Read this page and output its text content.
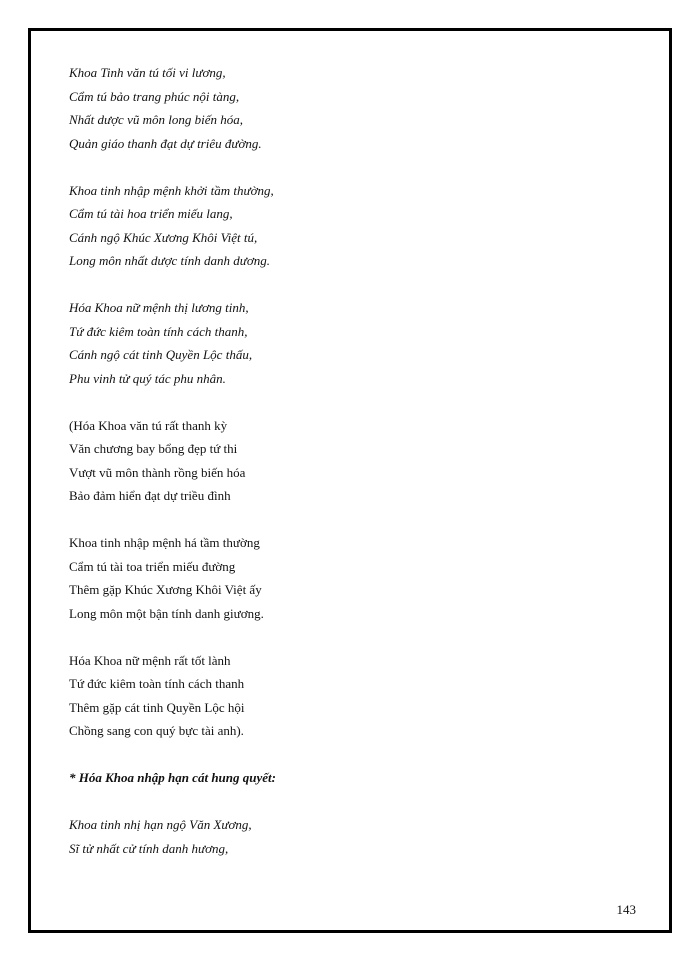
Khoa Tinh văn tú tối vi lương,
Cẩm tú bảo trang phúc nội tàng,
Nhất dược vũ môn long biến hóa,
Quản giáo thanh đạt dự triêu đường.
Khoa tinh nhập mệnh khởi tầm thường,
Cẩm tú tài hoa triển miếu lang,
Cánh ngộ Khúc Xương Khôi Việt tú,
Long môn nhất dược tính danh dương.
Hóa Khoa nữ mệnh thị lương tinh,
Tứ đức kiêm toàn tính cách thanh,
Cánh ngộ cát tinh Quyền Lộc thấu,
Phu vinh tử quý tác phu nhân.
(Hóa Khoa văn tú rất thanh kỳ
Văn chương bay bổng đẹp tứ thi
Vượt vũ môn thành rồng biến hóa
Bảo đảm hiển đạt dự triều đình
Khoa tinh nhập mệnh há tầm thường
Cẩm tú tài toa triển miếu đường
Thêm gặp Khúc Xương Khôi Việt ấy
Long môn một bận tính danh giương.
Hóa Khoa nữ mệnh rất tốt lành
Tứ đức kiêm toàn tính cách thanh
Thêm gặp cát tinh Quyền Lộc hội
Chồng sang con quý bực tài anh).
* Hóa Khoa nhập hạn cát hung quyết:
Khoa tinh nhị hạn ngộ Văn Xương,
Sĩ tử nhất cử tính danh hương,
143
